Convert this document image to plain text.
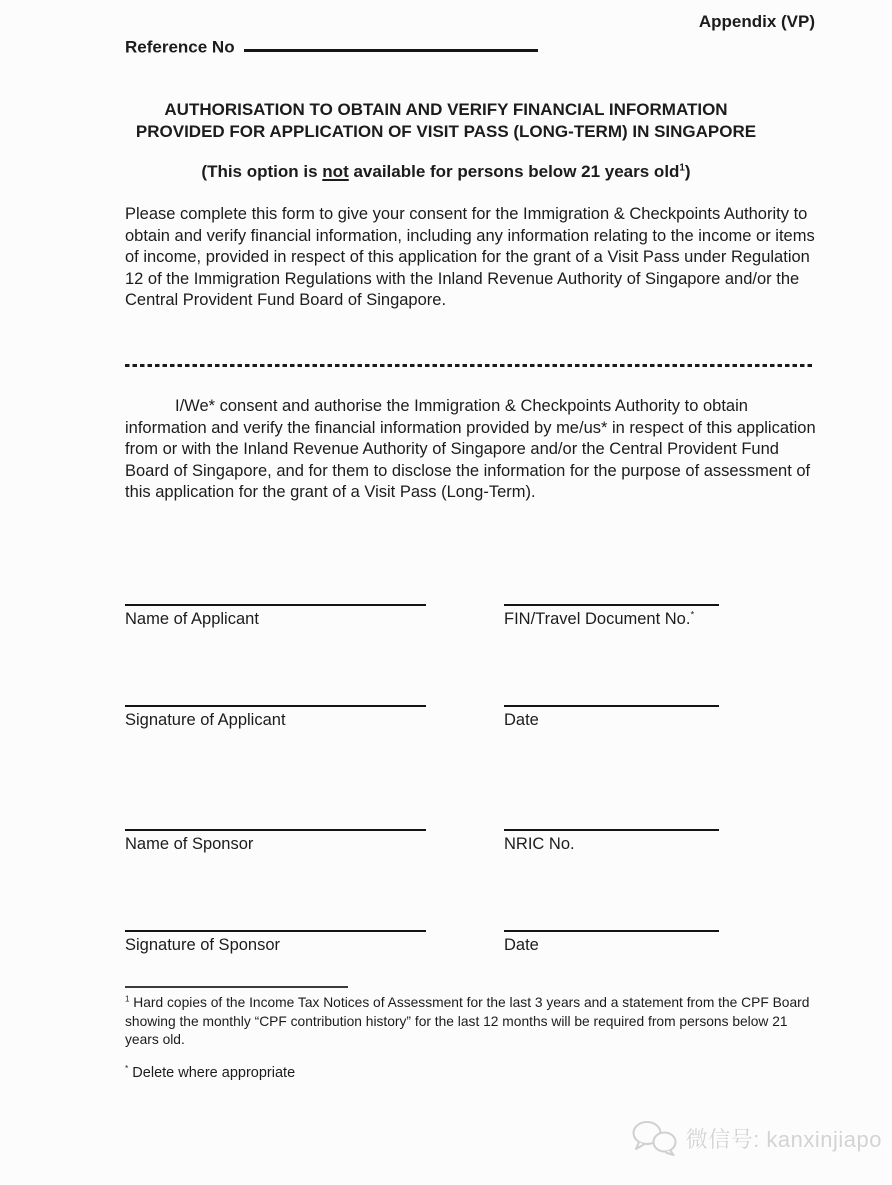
Appendix (VP)
Reference No
AUTHORISATION TO OBTAIN AND VERIFY FINANCIAL INFORMATION
PROVIDED FOR APPLICATION OF VISIT PASS (LONG-TERM) IN SINGAPORE
(This option is not available for persons below 21 years old$^1$)
Please complete this form to give your consent for the Immigration & Checkpoints Authority to obtain and verify financial information, including any information relating to the income or items of income, provided in respect of this application for the grant of a Visit Pass under Regulation 12 of the Immigration Regulations with the Inland Revenue Authority of Singapore and/or the Central Provident Fund Board of Singapore.
I/We* consent and authorise the Immigration & Checkpoints Authority to obtain information and verify the financial information provided by me/us* in respect of this application from or with the Inland Revenue Authority of Singapore and/or the Central Provident Fund Board of Singapore, and for them to disclose the information for the purpose of assessment of this application for the grant of a Visit Pass (Long-Term).
Name of Applicant	FIN/Travel Document No.*
Signature of Applicant	Date
Name of Sponsor	NRIC No.
Signature of Sponsor	Date
$^1$ Hard copies of the Income Tax Notices of Assessment for the last 3 years and a statement from the CPF Board showing the monthly “CPF contribution history” for the last 12 months will be required from persons below 21 years old.
* Delete where appropriate
微信号: kanxinjiapo
